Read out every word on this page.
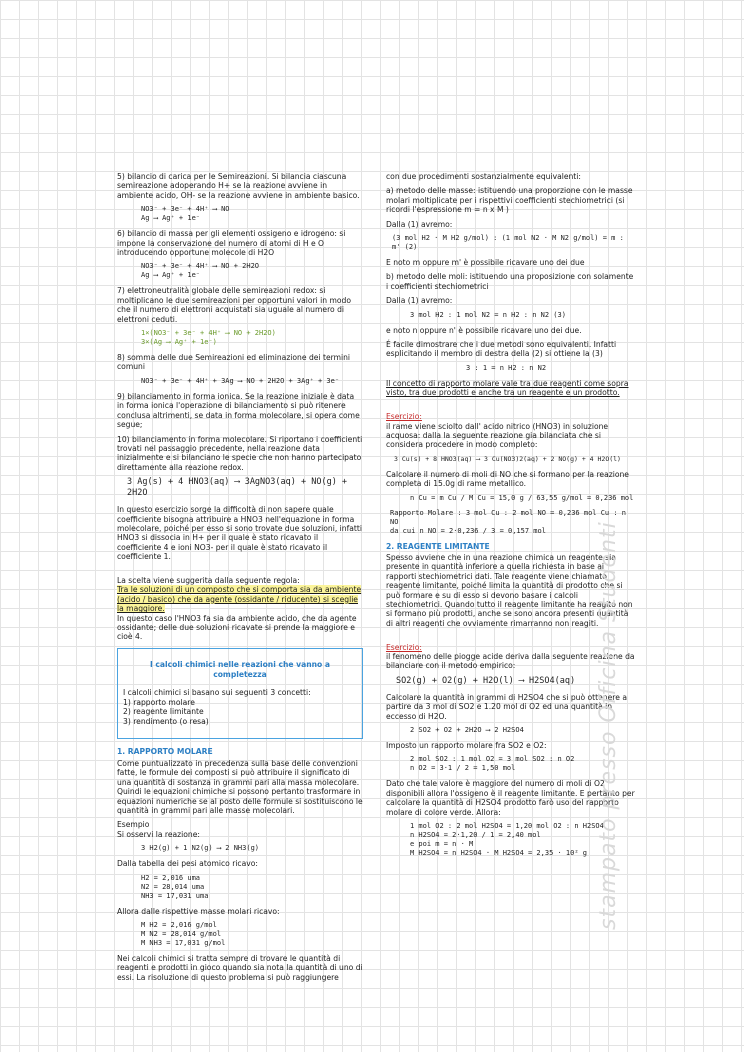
5) bilancio di carica per le Semireazioni. Si bilancia ciascuna semireazione adoperando H+ se la reazione avviene in ambiente acido, OH- se la reazione avviene in ambiente basico.
NO3⁻ + 3e⁻ + 4H⁺ ⟶ NO
Ag ⟶ Ag⁺ + 1e⁻
6) bilancio di massa per gli elementi ossigeno e idrogeno: si impone la conservazione del numero di atomi di H e O introducendo opportune molecole di H2O
NO3⁻ + 3e⁻ + 4H⁺ ⟶ NO + 2H2O
Ag ⟶ Ag⁺ + 1e⁻
7) elettroneutralità globale delle semireazioni redox: si moltiplicano le due semireazioni per opportuni valori in modo che il numero di elettroni acquistati sia uguale al numero di elettroni ceduti.
1×(NO3⁻ + 3e⁻ + 4H⁺ ⟶ NO + 2H2O)
3×(Ag ⟶ Ag⁺ + 1e⁻)
8) somma delle due Semireazioni ed eliminazione dei termini comuni
NO3⁻ + 3e⁻ + 4H⁺ + 3Ag ⟶ NO + 2H2O + 3Ag⁺ + 3e⁻
9) bilanciamento in forma ionica. Se la reazione iniziale è data in forma ionica l'operazione di bilanciamento si può ritenere conclusa altrimenti, se data in forma molecolare, si opera come segue;
10) bilanciamento in forma molecolare. Si riportano i coefficienti trovati nel passaggio precedente, nella reazione data inizialmente e si bilanciano le specie che non hanno partecipato direttamente alla reazione redox.
3 Ag(s) + 4 HNO3(aq) ⟶ 3AgNO3(aq) + NO(g) + 2H2O
In questo esercizio sorge la difficoltà di non sapere quale coefficiente bisogna attribuire a HNO3 nell'equazione in forma molecolare, poiché per esso si sono trovate due soluzioni, infatti HNO3 si dissocia in H+ per il quale è stato ricavato il coefficiente 4 e ioni NO3- per il quale è stato ricavato il coefficiente 1.

La scelta viene suggerita dalla seguente regola:
Tra le soluzioni di un composto che si comporta sia da ambiente (acido / basico) che da agente (ossidante / riducente) si sceglie la maggiore.
In questo caso l'HNO3 fa sia da ambiente acido, che da agente ossidante; delle due soluzioni ricavate si prende la maggiore e cioè 4.

I calcoli chimici nelle reazioni che vanno a completezza

I calcoli chimici si basano sui seguenti 3 concetti:
1) rapporto molare
2) reagente limitante
3) rendimento (o resa)

1. RAPPORTO MOLARE
Come puntualizzato in precedenza sulla base delle convenzioni fatte, le formule dei composti si può attribuire il significato di una quantità di sostanza in grammi pari alla massa molecolare. Quindi le equazioni chimiche si possono pertanto trasformare in equazioni numeriche se al posto delle formule si sostituiscono le quantità in grammi pari alle masse molecolari.
Esempio
Si osservi la reazione:
3 H2(g) + 1 N2(g) ⟶ 2 NH3(g)
Dalla tabella dei pesi atomico ricavo:
H2 = 2,016 uma
N2 = 28,014 uma
NH3 = 17,031 uma
Allora dalle rispettive masse molari ricavo:
M H2 = 2,016 g/mol
M N2 = 28,014 g/mol
M NH3 = 17,031 g/mol
Nei calcoli chimici si tratta sempre di trovare le quantità di reagenti e prodotti in gioco quando sia nota la quantità di uno di essi. La risoluzione di questo problema si può raggiungere
con due procedimenti sostanzialmente equivalenti:
a) metodo delle masse: istituendo una proporzione con le masse molari moltiplicate per i rispettivi coefficienti stechiometrici (si ricordi l'espressione m = n x M )
Dalla (1) avremo:
(3 mol H2 · M H2 g/mol) : (1 mol N2 · M N2 g/mol) = m : m' (2)
E noto m oppure m' è possibile ricavare uno dei due
b) metodo delle moli: istituendo una proposizione con solamente i coefficienti stechiometrici
Dalla (1) avremo:
3 mol H2 : 1 mol N2 = n H2 : n N2 (3)
e noto n oppure n' è possibile ricavare uno dei due.
É facile dimostrare che i due metodi sono equivalenti. Infatti esplicitando il membro di destra della (2) si ottiene la (3)
3 : 1 = n H2 : n N2
Il concetto di rapporto molare vale tra due reagenti come sopra visto, tra due prodotti e anche tra un reagente e un prodotto.

Esercizio:
il rame viene sciolto dall' acido nitrico (HNO3) in soluzione acquosa: dalla la seguente reazione gia bilanciata che si considera procedere in modo completo:

3 Cu(s) + 8 HNO3(aq) ⟶ 3 Cu(NO3)2(aq) + 2 NO(g) + 4 H2O(l)
Calcolare il numero di moli di NO che si formano per la reazione completa di 15.0g di rame metallico.
n Cu = m Cu / M Cu = 15,0 g / 63,55 g/mol = 0,236 mol
Rapporto Molare : 3 mol Cu : 2 mol NO = 0,236 mol Cu : n NO
da cui n NO = 2·0,236 / 3 = 0,157 mol
2. REAGENTE LIMITANTE
Spesso avviene che in una reazione chimica un reagente sia presente in quantità inferiore a quella richiesta in base ai rapporti stechiometrici dati. Tale reagente viene chiamato reagente limitante, poiché limita la quantità di prodotto che si può formare e su di esso si devono basare i calcoli stechiometrici. Quando tutto il reagente limitante ha reagito non si formano più prodotti, anche se sono ancora presenti quantità di altri reagenti che ovviamente rimarranno non reagiti.

Esercizio:
il fenomeno delle piogge acide deriva dalla seguente reazione da bilanciare con il metodo empirico:

SO2(g) + O2(g) + H2O(l) ⟶ H2SO4(aq)
Calcolare la quantità in grammi di H2SO4 che si può ottenere a partire da 3 mol di SO2 e 1.20 mol di O2 ed una quantità in eccesso di H2O.
2 SO2 + O2 + 2H2O ⟶ 2 H2SO4
Imposto un rapporto molare fra SO2 e O2:
2 mol SO2 : 1 mol O2 = 3 mol SO2 : n O2
n O2 = 3·1 / 2 = 1,50 mol
Dato che tale valore è maggiore del numero di moli di O2 disponibili allora l'ossigeno è il reagente limitante. E pertanto per calcolare la quantità di H2SO4 prodotto farò uso del rapporto molare di colore verde. Allora:
1 mol O2 : 2 mol H2SO4 = 1,20 mol O2 : n H2SO4
n H2SO4 = 2·1,20 / 1 = 2,40 mol
e poi m = n · M
M H2SO4 = n H2SO4 · M H2SO4 = 2,35 · 10² g stampato presso Officina Studenti
